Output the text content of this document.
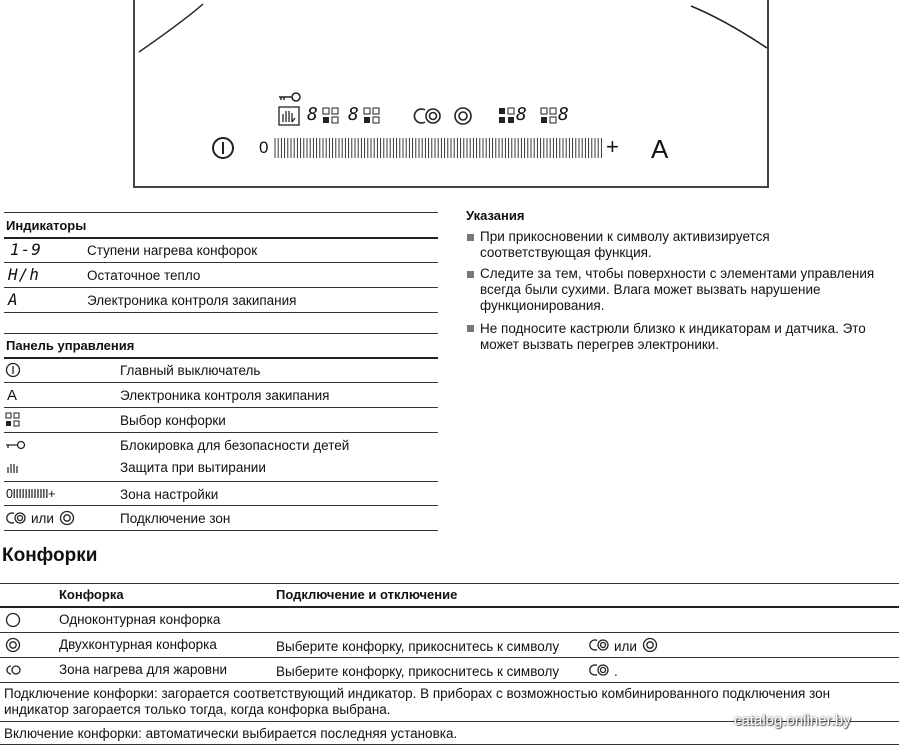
8 8	8 8
0	+ A
Индикаторы
1-9	Ступени нагрева конфорок
H/h	Остаточное тепло
A	Электроника контроля закипания
Панель управления
Главный выключатель
A	Электроника контроля закипания
Выбор конфорки
Блокировка для безопасности детей
Защита при вытирании
0IIIIIIIIIIII+	Зона настройки
или	Подключение зон
Указания
При прикосновении к символу активизируется соответствующая функция.
Следите за тем, чтобы поверхности с элементами управления всегда были сухими. Влага может вызвать нарушение функционирования.
Не подносите кастрюли близко к индикаторам и датчика. Это может вызвать перегрев электроники.
Конфорки
Конфорка	Подключение и отключение
Одноконтурная конфорка
Двухконтурная конфорка	Выберите конфорку, прикоснитесь к символу	или
Зона нагрева для жаровни	Выберите конфорку, прикоснитесь к символу	.
Подключение конфорки: загорается соответствующий индикатор. В приборах с возможностью комбинированного подключения зон индикатор загорается только тогда, когда конфорка выбрана.
Включение конфорки: автоматически выбирается последняя установка.
catalog.onliner.by
